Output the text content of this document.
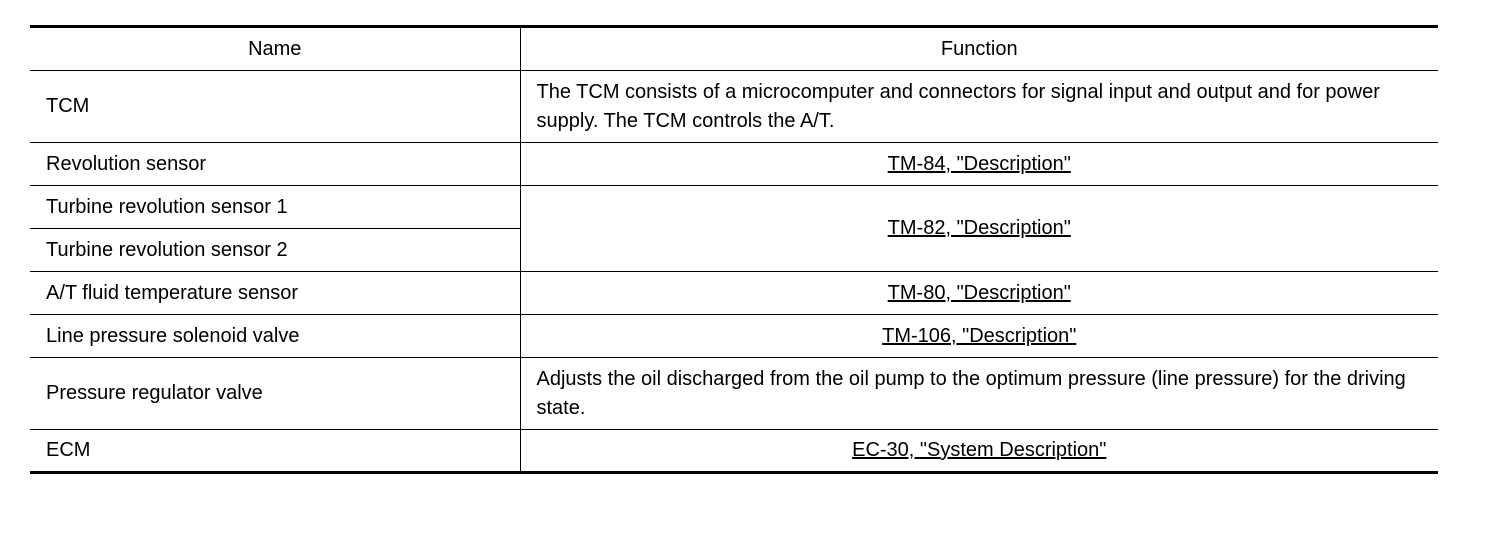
Name	Function
TCM	The TCM consists of a microcomputer and connectors for signal input and output and for power supply. The TCM controls the A/T.
Revolution sensor	TM-84, "Description"
Turbine revolution sensor 1	TM-82, "Description"
Turbine revolution sensor 2	
A/T fluid temperature sensor	TM-80, "Description"
Line pressure solenoid valve	TM-106, "Description"
Pressure regulator valve	Adjusts the oil discharged from the oil pump to the optimum pressure (line pressure) for the driving state.
ECM	EC-30, "System Description"
